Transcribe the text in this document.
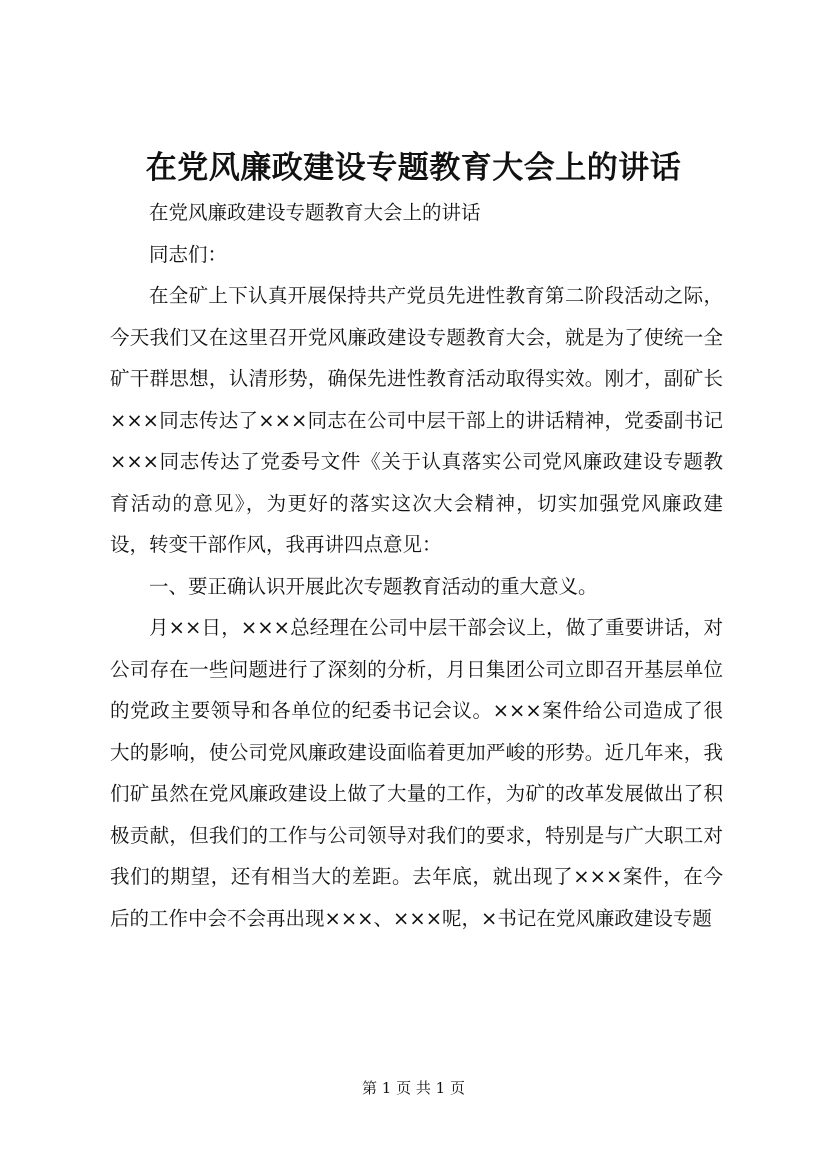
在党风廉政建设专题教育大会上的讲话

在党风廉政建设专题教育大会上的讲话

同志们：

在全矿上下认真开展保持共产党员先进性教育第二阶段活动之际，今天我们又在这里召开党风廉政建设专题教育大会，就是为了使统一全矿干群思想，认清形势，确保先进性教育活动取得实效。刚才，副矿长×××同志传达了×××同志在公司中层干部上的讲话精神，党委副书记×××同志传达了党委号文件《关于认真落实公司党风廉政建设专题教育活动的意见》，为更好的落实这次大会精神，切实加强党风廉政建设，转变干部作风，我再讲四点意见：

一、要正确认识开展此次专题教育活动的重大意义。

月××日，×××总经理在公司中层干部会议上，做了重要讲话，对公司存在一些问题进行了深刻的分析，月日集团公司立即召开基层单位的党政主要领导和各单位的纪委书记会议。×××案件给公司造成了很大的影响，使公司党风廉政建设面临着更加严峻的形势。近几年来，我们矿虽然在党风廉政建设上做了大量的工作，为矿的改革发展做出了积极贡献，但我们的工作与公司领导对我们的要求，特别是与广大职工对我们的期望，还有相当大的差距。去年底，就出现了×××案件，在今后的工作中会不会再出现×××、×××呢，×书记在党风廉政建设专题

第 1 页 共 1 页
